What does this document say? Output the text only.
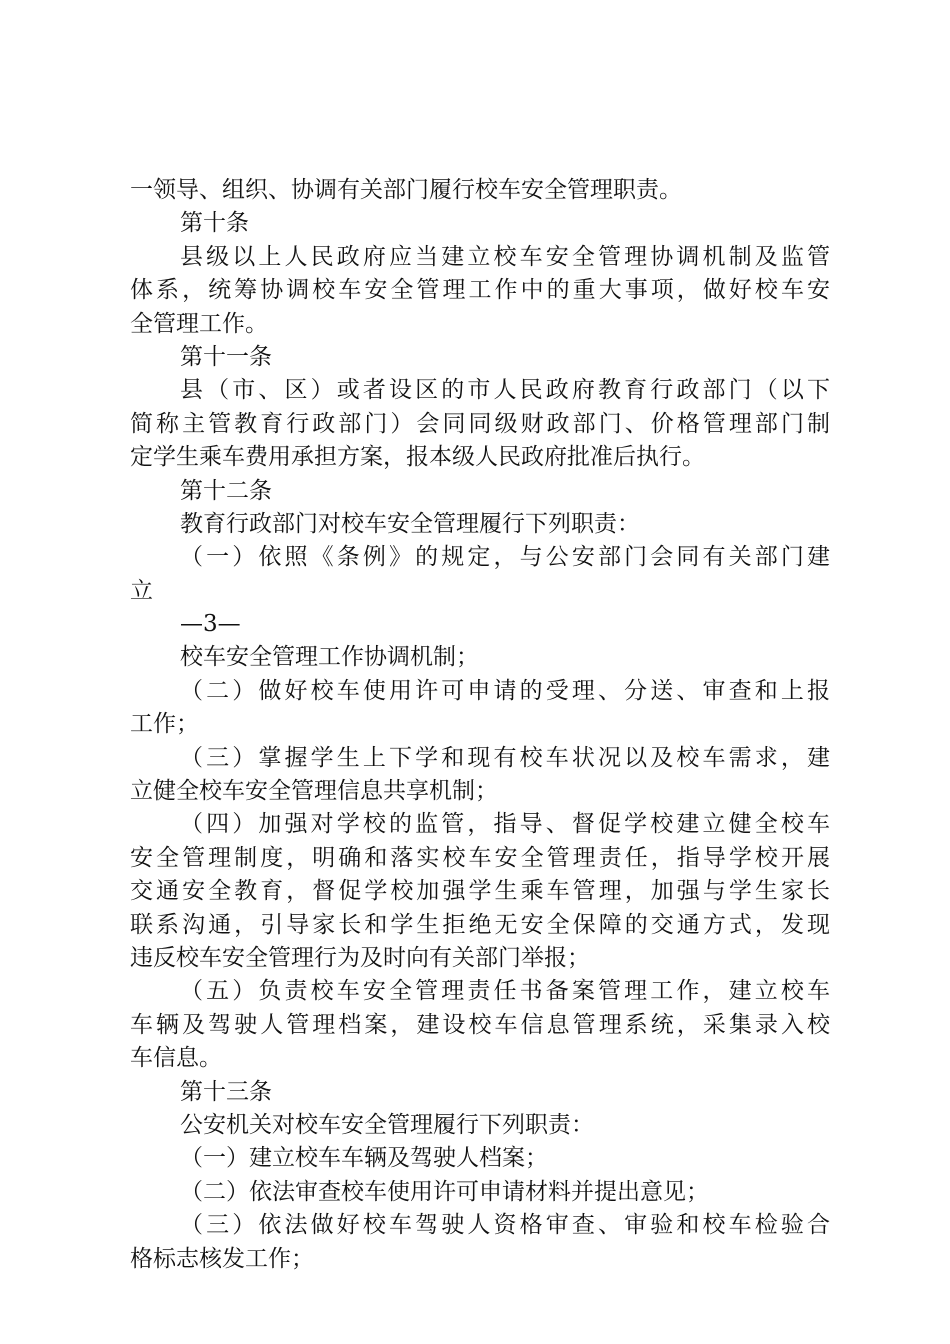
一领导、组织、协调有关部门履行校车安全管理职责。
第十条
县级以上人民政府应当建立校车安全管理协调机制及监管
体系，统筹协调校车安全管理工作中的重大事项，做好校车安
全管理工作。
第十一条
县（市、区）或者设区的市人民政府教育行政部门（以下
简称主管教育行政部门）会同同级财政部门、价格管理部门制
定学生乘车费用承担方案，报本级人民政府批准后执行。
第十二条
教育行政部门对校车安全管理履行下列职责：
（一）依照《条例》的规定，与公安部门会同有关部门建
立
—3—
校车安全管理工作协调机制；
（二）做好校车使用许可申请的受理、分送、审查和上报
工作；
（三）掌握学生上下学和现有校车状况以及校车需求，建
立健全校车安全管理信息共享机制；
（四）加强对学校的监管，指导、督促学校建立健全校车
安全管理制度，明确和落实校车安全管理责任，指导学校开展
交通安全教育，督促学校加强学生乘车管理，加强与学生家长
联系沟通，引导家长和学生拒绝无安全保障的交通方式，发现
违反校车安全管理行为及时向有关部门举报；
（五）负责校车安全管理责任书备案管理工作，建立校车
车辆及驾驶人管理档案，建设校车信息管理系统，采集录入校
车信息。
第十三条
公安机关对校车安全管理履行下列职责：
（一）建立校车车辆及驾驶人档案；
（二）依法审查校车使用许可申请材料并提出意见；
（三）依法做好校车驾驶人资格审查、审验和校车检验合
格标志核发工作；
